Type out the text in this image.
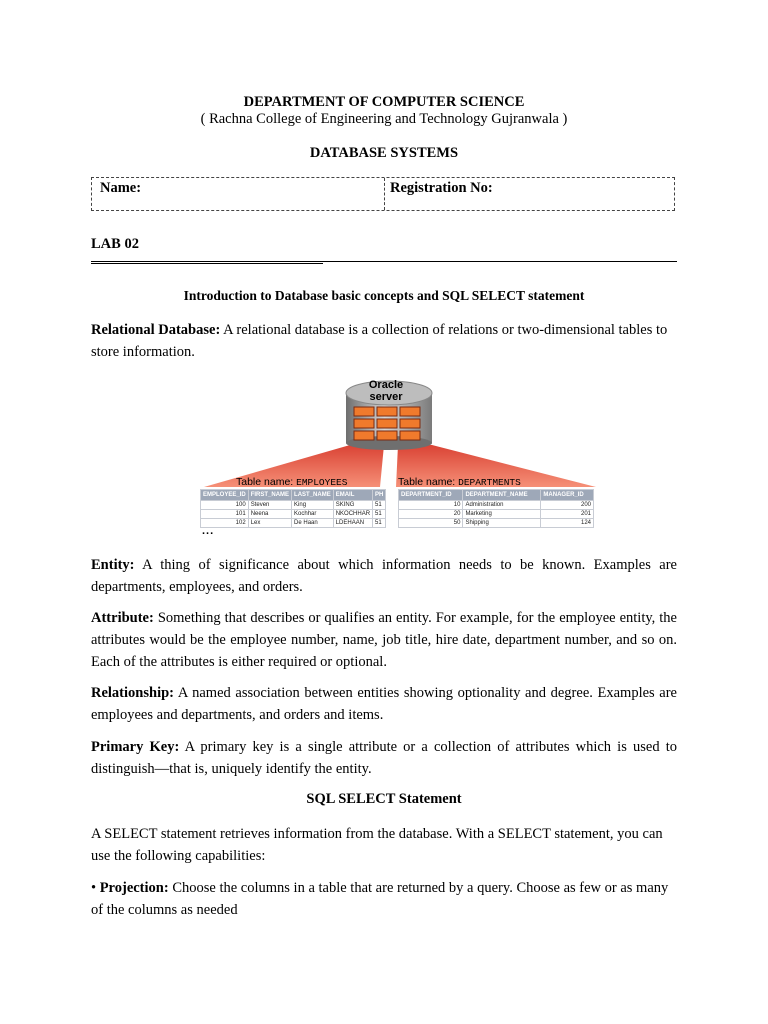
DEPARTMENT OF COMPUTER SCIENCE
( Rachna College of Engineering and Technology Gujranwala )
DATABASE SYSTEMS
Name:	Registration No:
LAB 02
Introduction to Database basic concepts and SQL SELECT statement

Relational Database: A relational database is a collection of relations or two-dimensional tables to store information.

Oracle
server
Table name: EMPLOYEES	Table name: DEPARTMENTS
EMPLOYEE_ID	FIRST_NAME	LAST_NAME	EMAIL	PH
100	Steven	King	SKING	51
101	Neena	Kochhar	NKOCHHAR	51
102	Lex	De Haan	LDEHAAN	51
...
DEPARTMENT_ID	DEPARTMENT_NAME	MANAGER_ID
10	Administration	200
20	Marketing	201
50	Shipping	124

Entity: A thing of significance about which information needs to be known. Examples are departments, employees, and orders.

Attribute: Something that describes or qualifies an entity. For example, for the employee entity, the attributes would be the employee number, name, job title, hire date, department number, and so on. Each of the attributes is either required or optional.

Relationship: A named association between entities showing optionality and degree. Examples are employees and departments, and orders and items.

Primary Key: A primary key is a single attribute or a collection of attributes which is used to distinguish—that is, uniquely identify the entity.

SQL SELECT Statement

A SELECT statement retrieves information from the database. With a SELECT statement, you can use the following capabilities:

• Projection: Choose the columns in a table that are returned by a query. Choose as few or as many of the columns as needed
